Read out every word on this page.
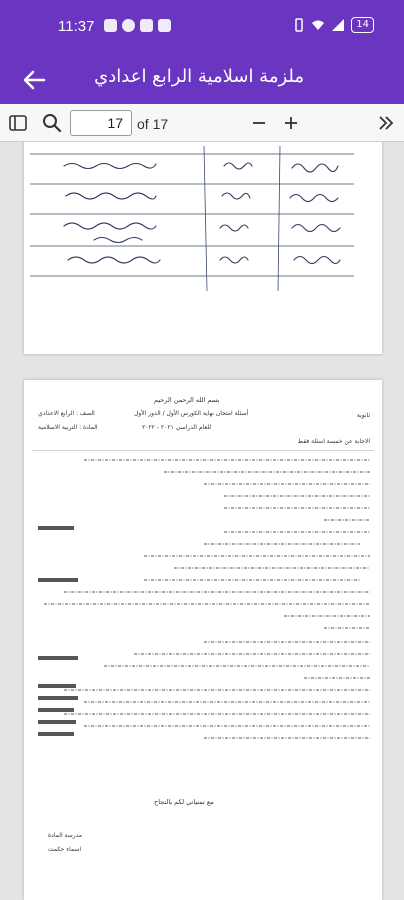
11:37	14
ملزمة اسلامية الرابع اعدادي
17
of 17
بسم الله الرحمن الرحيم
ثانوية
أسئلة امتحان نهاية الكورس الأول / الدور الأول
للعام الدراسي ٢٠٢١ - ٢٠٢٢
الصف : الرابع الاعدادي
المادة : التربية الاسلامية
الاجابة عن خمسة اسئلة فقط
مع تمنياتي لكم بالنجاح
مدرسة المادة
اسماء حكمت
